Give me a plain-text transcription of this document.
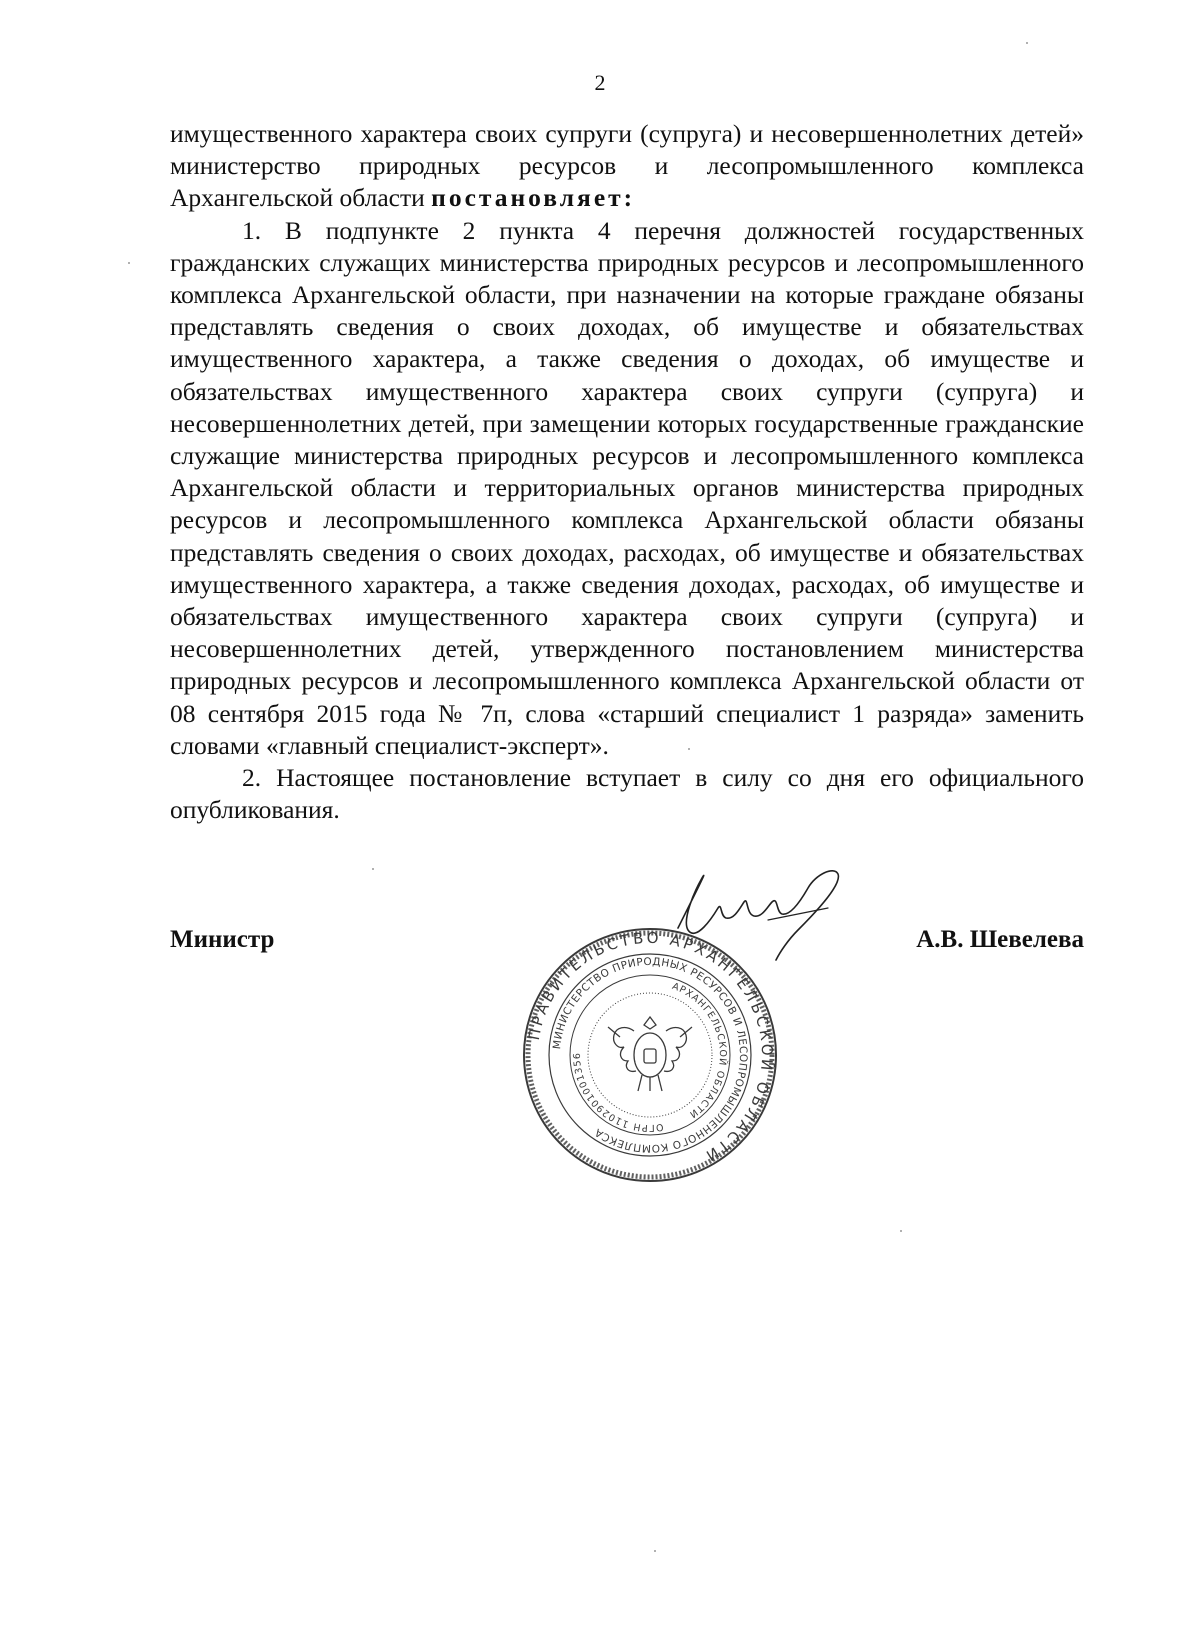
2

имущественного характера своих супруги (супруга) и несовершеннолетних детей» министерство природных ресурсов и лесопромышленного комплекса Архангельской области постановляет:

1. В подпункте 2 пункта 4 перечня должностей государственных гражданских служащих министерства природных ресурсов и лесопромышленного комплекса Архангельской области, при назначении на которые граждане обязаны представлять сведения о своих доходах, об имуществе и обязательствах имущественного характера, а также сведения о доходах, об имуществе и обязательствах имущественного характера своих супруги (супруга) и несовершеннолетних детей, при замещении которых государственные гражданские служащие министерства природных ресурсов и лесопромышленного комплекса Архангельской области и территориальных органов министерства природных ресурсов и лесопромышленного комплекса Архангельской области обязаны представлять сведения о своих доходах, расходах, об имуществе и обязательствах имущественного характера, а также сведения доходах, расходах, об имуществе и обязательствах имущественного характера своих супруги (супруга) и несовершеннолетних детей, утвержденного постановлением министерства природных ресурсов и лесопромышленного комплекса Архангельской области от 08 сентября 2015 года № 7п, слова «старший специалист 1 разряда» заменить словами «главный специалист-эксперт».

2. Настоящее постановление вступает в силу со дня его официального опубликования.

Министр	А.В. Шевелева
ПРАВИТЕЛЬСТВО АРХАНГЕЛЬСКОЙ ОБЛАСТИ
МИНИСТЕРСТВО ПРИРОДНЫХ РЕСУРСОВ И ЛЕСОПРОМЫШЛЕННОГО КОМПЛЕКСА
АРХАНГЕЛЬСКОЙ ОБЛАСТИ
ОГРН 1102901001356
